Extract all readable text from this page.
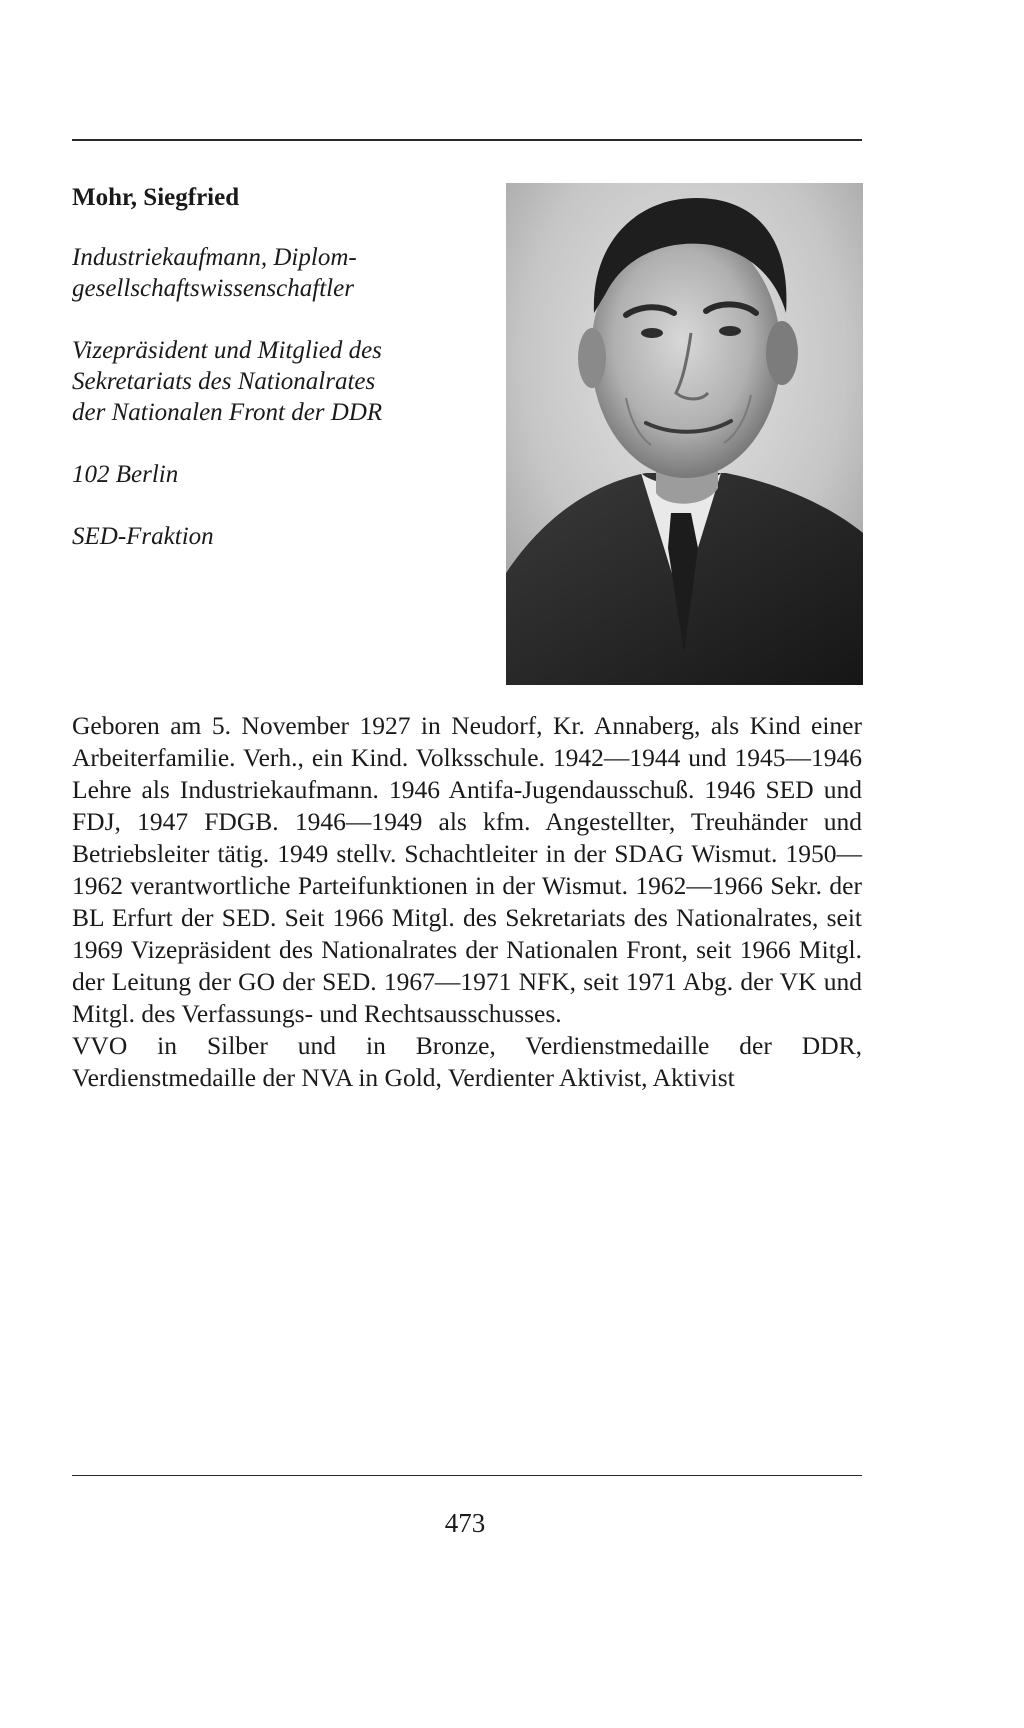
Mohr, Siegfried
Industriekaufmann, Diplom-
gesellschaftswissenschaftler
Vizepräsident und Mitglied des
Sekretariats des Nationalrates
der Nationalen Front der DDR
102 Berlin
SED-Fraktion

Geboren am 5. November 1927 in Neudorf, Kr. Annaberg, als Kind einer Arbeiterfamilie. Verh., ein Kind. Volksschule. 1942—1944 und 1945—1946 Lehre als Industriekaufmann. 1946 Antifa-Jugendausschuß. 1946 SED und FDJ, 1947 FDGB. 1946—1949 als kfm. Angestellter, Treuhänder und Betriebsleiter tätig. 1949 stellv. Schachtleiter in der SDAG Wismut. 1950—1962 verantwortliche Parteifunktionen in der Wismut. 1962—1966 Sekr. der BL Erfurt der SED. Seit 1966 Mitgl. des Sekretariats des Nationalrates, seit 1969 Vizepräsident des Nationalrates der Nationalen Front, seit 1966 Mitgl. der Leitung der GO der SED. 1967—1971 NFK, seit 1971 Abg. der VK und Mitgl. des Verfassungs- und Rechtsausschusses.

VVO in Silber und in Bronze, Verdienstmedaille der DDR, Verdienstmedaille der NVA in Gold, Verdienter Aktivist, Aktivist

473
